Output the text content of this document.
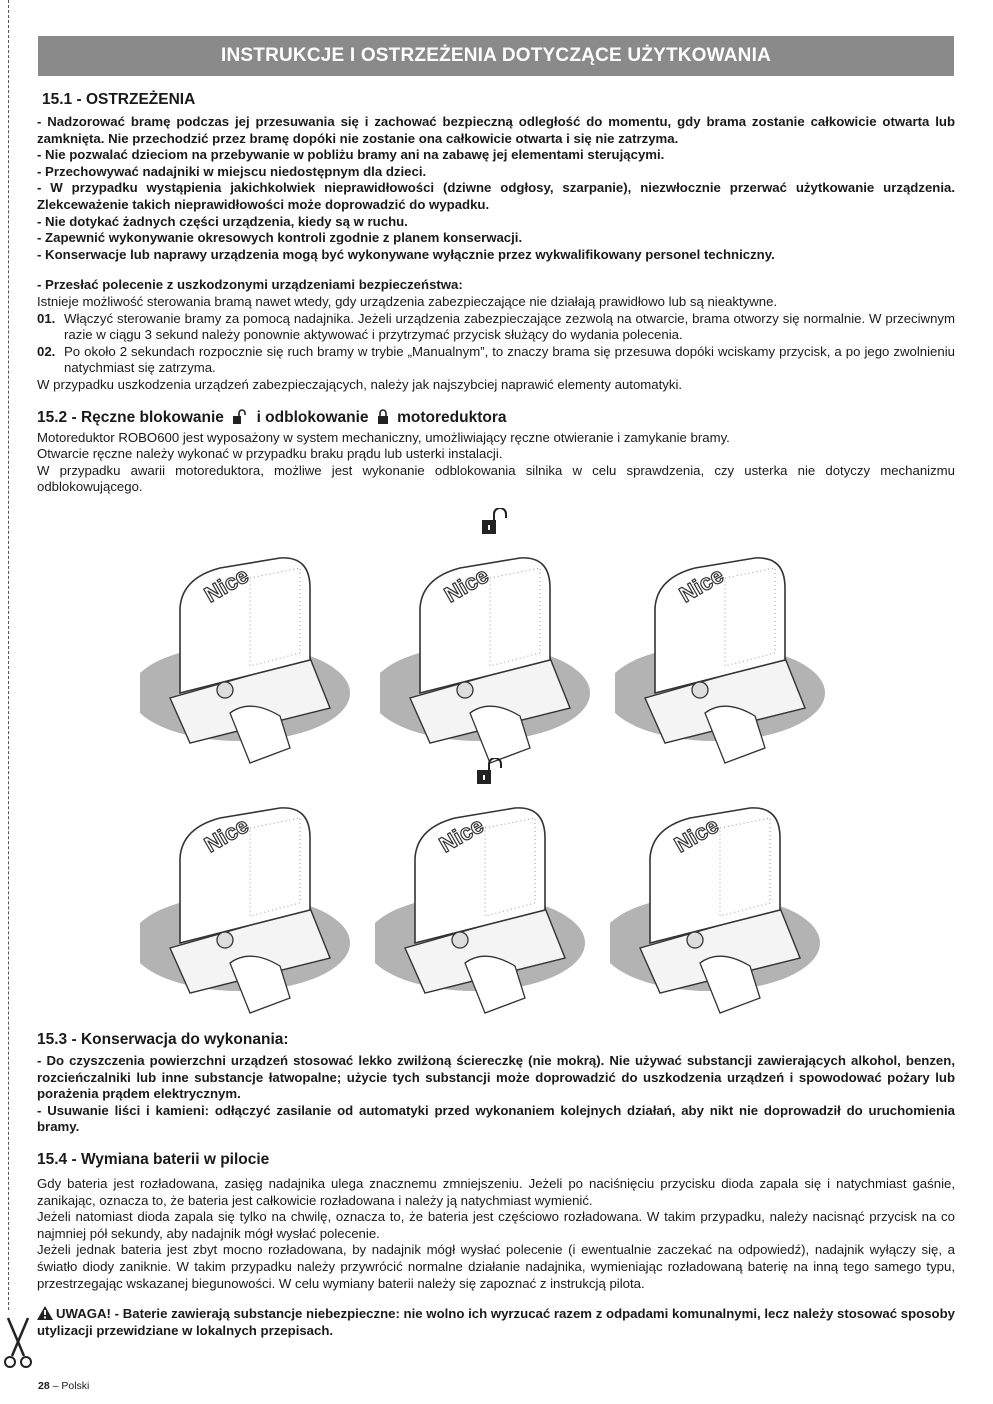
INSTRUKCJE I OSTRZEŻENIA DOTYCZĄCE UŻYTKOWANIA
15.1 - OSTRZEŻENIA

- Nadzorować bramę podczas jej przesuwania się i zachować bezpieczną odległość do momentu, gdy brama zostanie całkowicie otwarta lub zamknięta. Nie przechodzić przez bramę dopóki nie zostanie ona całkowicie otwarta i się nie zatrzyma.

- Nie pozwalać dzieciom na przebywanie w pobliżu bramy ani na zabawę jej elementami sterującymi.

- Przechowywać nadajniki w miejscu niedostępnym dla dzieci.

- W przypadku wystąpienia jakichkolwiek nieprawidłowości (dziwne odgłosy, szarpanie), niezwłocznie przerwać użytkowanie urządzenia. Zlekceważenie takich nieprawidłowości może doprowadzić do wypadku.

- Nie dotykać żadnych części urządzenia, kiedy są w ruchu.

- Zapewnić wykonywanie okresowych kontroli zgodnie z planem konserwacji.

- Konserwacje lub naprawy urządzenia mogą być wykonywane wyłącznie przez wykwalifikowany personel techniczny.

- Przesłać polecenie z uszkodzonymi urządzeniami bezpieczeństwa:

Istnieje możliwość sterowania bramą nawet wtedy, gdy urządzenia zabezpieczające nie działają prawidłowo lub są nieaktywne.

01. Włączyć sterowanie bramy za pomocą nadajnika. Jeżeli urządzenia zabezpieczające zezwolą na otwarcie, brama otworzy się normalnie. W przeciwnym razie w ciągu 3 sekund należy ponownie aktywować i przytrzymać przycisk służący do wydania polecenia.
02. Po około 2 sekundach rozpocznie się ruch bramy w trybie „Manualnym”, to znaczy brama się przesuwa dopóki wciskamy przycisk, a po jego zwolnieniu natychmiast się zatrzyma.

W przypadku uszkodzenia urządzeń zabezpieczających, należy jak najszybciej naprawić elementy automatyki.

15.2 - Ręczne blokowanie i odblokowanie motoreduktora

Motoreduktor ROBO600 jest wyposażony w system mechaniczny, umożliwiający ręczne otwieranie i zamykanie bramy.

Otwarcie ręczne należy wykonać w przypadku braku prądu lub usterki instalacji.

W przypadku awarii motoreduktora, możliwe jest wykonanie odblokowania silnika w celu sprawdzenia, czy usterka nie dotyczy mechanizmu odblokowującego.

Nice	Nice	Nice
Nice	Nice	Nice
15.3 - Konserwacja do wykonania:

- Do czyszczenia powierzchni urządzeń stosować lekko zwilżoną ściereczkę (nie mokrą). Nie używać substancji zawierających alkohol, benzen, rozcieńczalniki lub inne substancje łatwopalne; użycie tych substancji może doprowadzić do uszkodzenia urządzeń i spowodować pożary lub porażenia prądem elektrycznym.

- Usuwanie liści i kamieni: odłączyć zasilanie od automatyki przed wykonaniem kolejnych działań, aby nikt nie doprowadził do uruchomienia bramy.

15.4 - Wymiana baterii w pilocie

Gdy bateria jest rozładowana, zasięg nadajnika ulega znacznemu zmniejszeniu. Jeżeli po naciśnięciu przycisku dioda zapala się i natychmiast gaśnie, zanikając, oznacza to, że bateria jest całkowicie rozładowana i należy ją natychmiast wymienić.

Jeżeli natomiast dioda zapala się tylko na chwilę, oznacza to, że bateria jest częściowo rozładowana. W takim przypadku, należy nacisnąć przycisk na co najmniej pół sekundy, aby nadajnik mógł wysłać polecenie.

Jeżeli jednak bateria jest zbyt mocno rozładowana, by nadajnik mógł wysłać polecenie (i ewentualnie zaczekać na odpowiedź), nadajnik wyłączy się, a światło diody zaniknie. W takim przypadku należy przywrócić normalne działanie nadajnika, wymieniając rozładowaną baterię na inną tego samego typu, przestrzegając wskazanej biegunowości. W celu wymiany baterii należy się zapoznać z instrukcją pilota.

UWAGA! - Baterie zawierają substancje niebezpieczne: nie wolno ich wyrzucać razem z odpadami komunalnymi, lecz należy stosować sposoby utylizacji przewidziane w lokalnych przepisach.

28 – Polski
